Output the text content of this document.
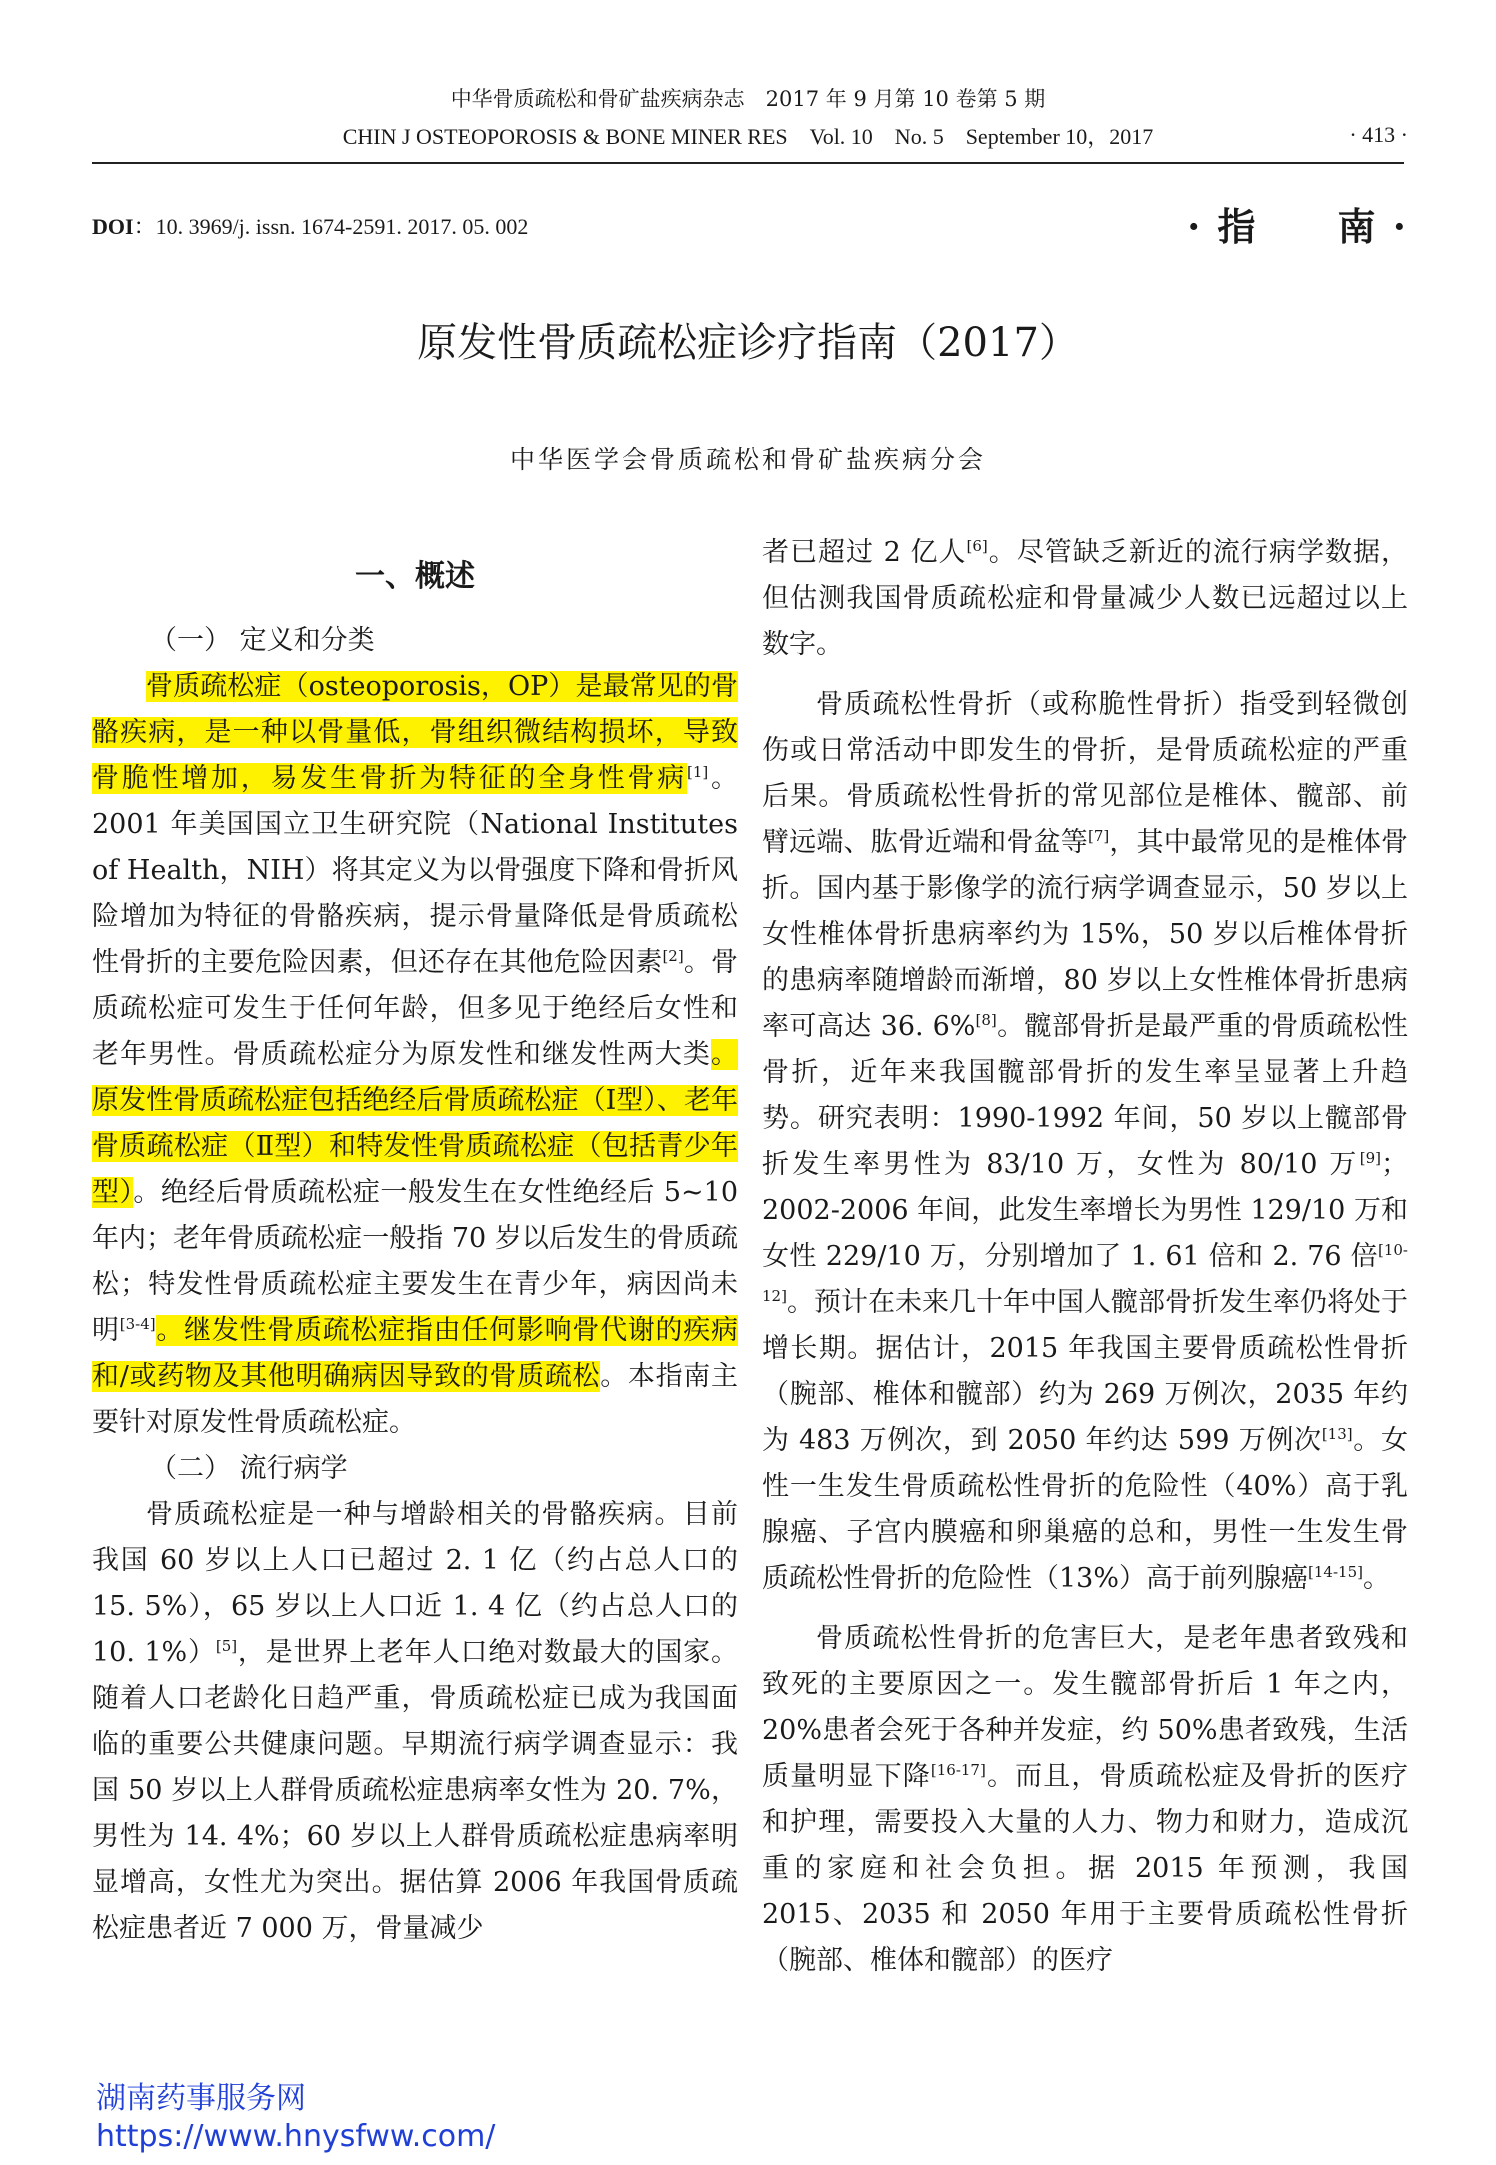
中华骨质疏松和骨矿盐疾病杂志　2017 年 9 月第 10 卷第 5 期
CHIN J OSTEOPOROSIS & BONE MINER RES　Vol. 10　No. 5　September 10，2017	· 413 ·
DOI：10. 3969/j. issn. 1674-2591. 2017. 05. 002	· 指　　南 ·
原发性骨质疏松症诊疗指南（2017）
中华医学会骨质疏松和骨矿盐疾病分会
一、概述
（一） 定义和分类

骨质疏松症（osteoporosis，OP）是最常见的骨骼疾病，是一种以骨量低，骨组织微结构损坏，导致骨脆性增加，易发生骨折为特征的全身性骨病[1]。2001 年美国国立卫生研究院（National Institutes of Health，NIH）将其定义为以骨强度下降和骨折风险增加为特征的骨骼疾病，提示骨量降低是骨质疏松性骨折的主要危险因素，但还存在其他危险因素[2]。骨质疏松症可发生于任何年龄，但多见于绝经后女性和老年男性。骨质疏松症分为原发性和继发性两大类。原发性骨质疏松症包括绝经后骨质疏松症（Ⅰ型）、老年骨质疏松症（Ⅱ型）和特发性骨质疏松症（包括青少年型）。绝经后骨质疏松症一般发生在女性绝经后 5~10 年内；老年骨质疏松症一般指 70 岁以后发生的骨质疏松；特发性骨质疏松症主要发生在青少年，病因尚未明[3-4]。继发性骨质疏松症指由任何影响骨代谢的疾病和/或药物及其他明确病因导致的骨质疏松。本指南主要针对原发性骨质疏松症。

（二） 流行病学

骨质疏松症是一种与增龄相关的骨骼疾病。目前我国 60 岁以上人口已超过 2. 1 亿（约占总人口的 15. 5%），65 岁以上人口近 1. 4 亿（约占总人口的 10. 1%）[5]，是世界上老年人口绝对数最大的国家。随着人口老龄化日趋严重，骨质疏松症已成为我国面临的重要公共健康问题。早期流行病学调查显示：我国 50 岁以上人群骨质疏松症患病率女性为 20. 7%，男性为 14. 4%；60 岁以上人群骨质疏松症患病率明显增高，女性尤为突出。据估算 2006 年我国骨质疏松症患者近 7 000 万，骨量减少

者已超过 2 亿人[6]。尽管缺乏新近的流行病学数据，但估测我国骨质疏松症和骨量减少人数已远超过以上数字。

骨质疏松性骨折（或称脆性骨折）指受到轻微创伤或日常活动中即发生的骨折，是骨质疏松症的严重后果。骨质疏松性骨折的常见部位是椎体、髋部、前臂远端、肱骨近端和骨盆等[7]，其中最常见的是椎体骨折。国内基于影像学的流行病学调查显示，50 岁以上女性椎体骨折患病率约为 15%，50 岁以后椎体骨折的患病率随增龄而渐增，80 岁以上女性椎体骨折患病率可高达 36. 6%[8]。髋部骨折是最严重的骨质疏松性骨折，近年来我国髋部骨折的发生率呈显著上升趋势。研究表明：1990-1992 年间，50 岁以上髋部骨折发生率男性为 83/10 万，女性为 80/10 万[9]；2002-2006 年间，此发生率增长为男性 129/10 万和女性 229/10 万，分别增加了 1. 61 倍和 2. 76 倍[10-12]。预计在未来几十年中国人髋部骨折发生率仍将处于增长期。据估计，2015 年我国主要骨质疏松性骨折（腕部、椎体和髋部）约为 269 万例次，2035 年约为 483 万例次，到 2050 年约达 599 万例次[13]。女性一生发生骨质疏松性骨折的危险性（40%）高于乳腺癌、子宫内膜癌和卵巢癌的总和，男性一生发生骨质疏松性骨折的危险性（13%）高于前列腺癌[14-15]。

骨质疏松性骨折的危害巨大，是老年患者致残和致死的主要原因之一。发生髋部骨折后 1 年之内，20%患者会死于各种并发症，约 50%患者致残，生活质量明显下降[16-17]。而且，骨质疏松症及骨折的医疗和护理，需要投入大量的人力、物力和财力，造成沉重的家庭和社会负担。据 2015 年预测，我国 2015、2035 和 2050 年用于主要骨质疏松性骨折（腕部、椎体和髋部）的医疗

湖南药事服务网
https://www.hnysfww.com/
